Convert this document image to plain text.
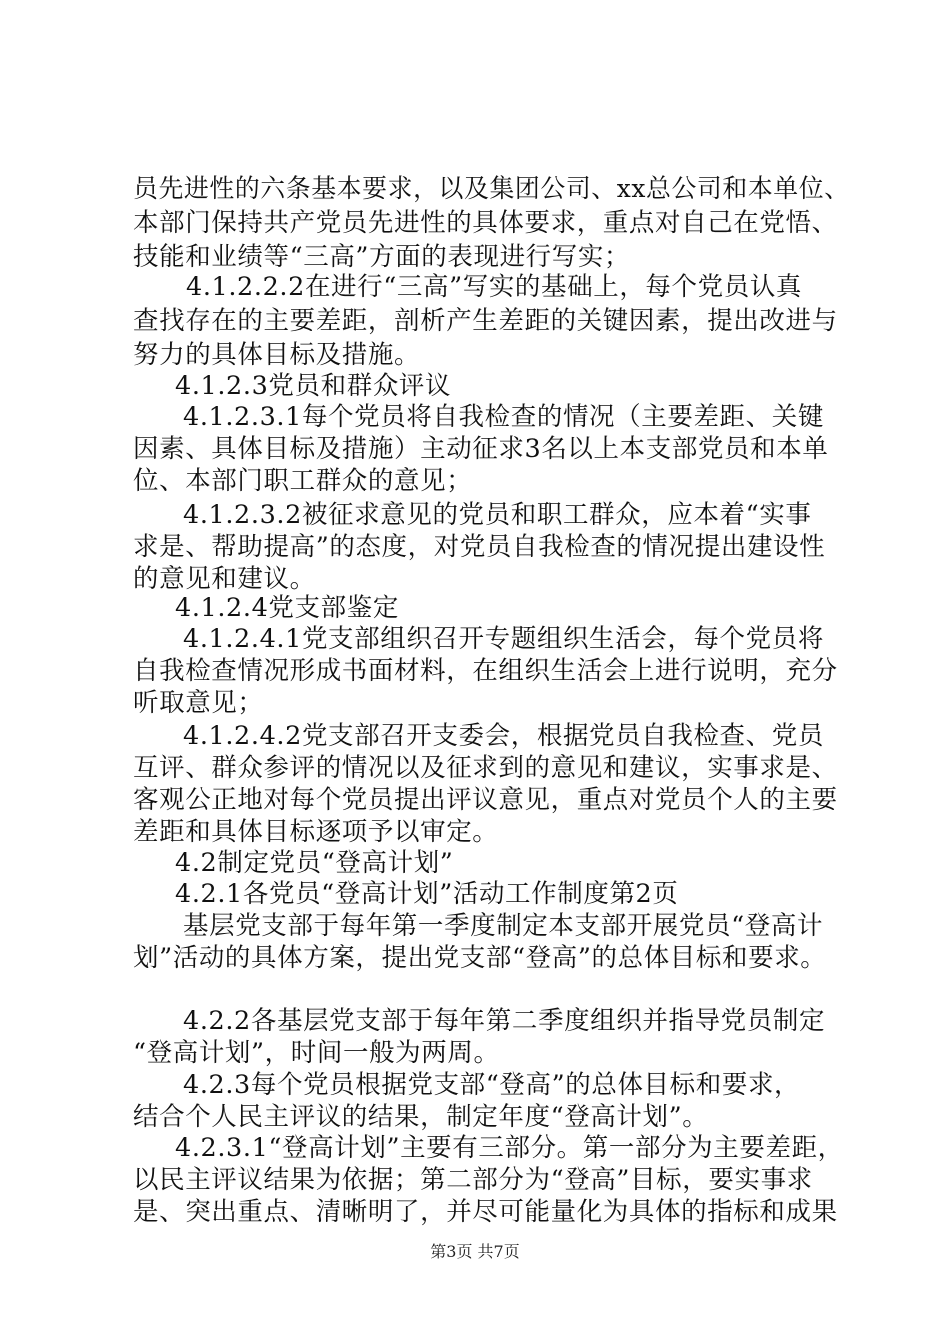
员先进性的六条基本要求，以及集团公司、xx总公司和本单位、
本部门保持共产党员先进性的具体要求，重点对自己在党悟、
技能和业绩等“三高”方面的表现进行写实；
4.1.2.2.2在进行“三高”写实的基础上，每个党员认真
查找存在的主要差距，剖析产生差距的关键因素，提出改进与
努力的具体目标及措施。
4.1.2.3党员和群众评议
4.1.2.3.1每个党员将自我检查的情况（主要差距、关键
因素、具体目标及措施）主动征求3名以上本支部党员和本单
位、本部门职工群众的意见；
4.1.2.3.2被征求意见的党员和职工群众，应本着“实事
求是、帮助提高”的态度，对党员自我检查的情况提出建设性
的意见和建议。
4.1.2.4党支部鉴定
4.1.2.4.1党支部组织召开专题组织生活会，每个党员将
自我检查情况形成书面材料，在组织生活会上进行说明，充分
听取意见；
4.1.2.4.2党支部召开支委会，根据党员自我检查、党员
互评、群众参评的情况以及征求到的意见和建议，实事求是、
客观公正地对每个党员提出评议意见，重点对党员个人的主要
差距和具体目标逐项予以审定。
4.2制定党员“登高计划”
4.2.1各党员“登高计划”活动工作制度第2页
基层党支部于每年第一季度制定本支部开展党员“登高计
划”活动的具体方案，提出党支部“登高”的总体目标和要求。
4.2.2各基层党支部于每年第二季度组织并指导党员制定
“登高计划”，时间一般为两周。
4.2.3每个党员根据党支部“登高”的总体目标和要求，
结合个人民主评议的结果，制定年度“登高计划”。
4.2.3.1“登高计划”主要有三部分。第一部分为主要差距，
以民主评议结果为依据；第二部分为“登高”目标，要实事求
是、突出重点、清晰明了，并尽可能量化为具体的指标和成果
第3页 共7页
